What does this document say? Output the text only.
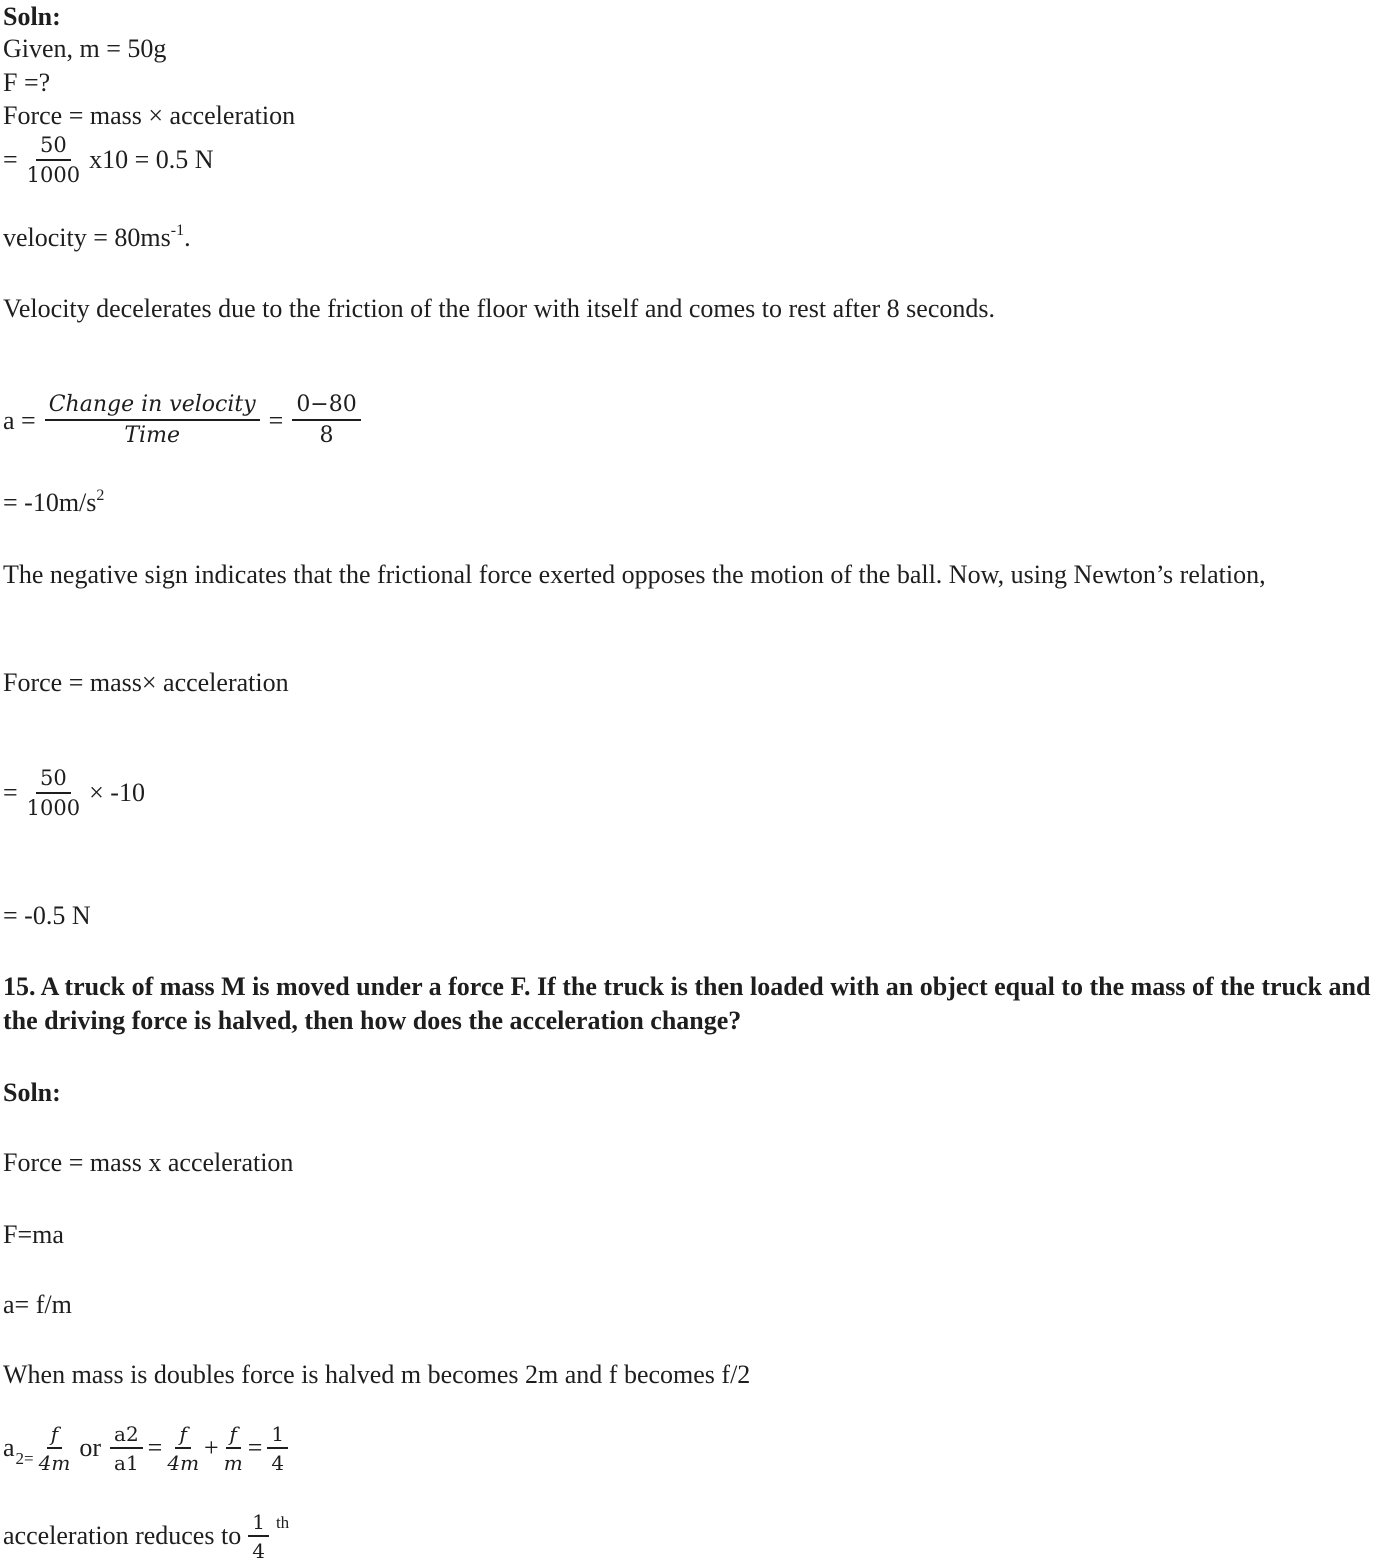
Soln:
Given, m = 50g
F =?
Force = mass × acceleration
= $\frac{50}{1000} x10 = 0.5$ N
velocity = $80ms^{-1}$.
Velocity decelerates due to the friction of the floor with itself and comes to rest after 8 seconds.
$a = \frac{\text{Change in velocity}}{\text{Time}} = \frac{0-80}{8}$
= $-10m/s^2$
The negative sign indicates that the frictional force exerted opposes the motion of the ball. Now, using Newton’s relation,
Force = mass× acceleration
= $\frac{50}{1000} \times -10$
= -0.5 N
15. A truck of mass M is moved under a force F. If the truck is then loaded with an object equal to the mass of the truck and the driving force is halved, then how does the acceleration change?
Soln:
Force = mass x acceleration
F=ma
a= f/m
When mass is doubles force is halved m becomes 2m and f becomes f/2
a $2= \frac{f}{4m}$ or $\frac{a2}{a1} = \frac{f}{4m} + \frac{f}{m} = \frac{1}{4}$
acceleration reduces to $\frac{1}{4}$ th
